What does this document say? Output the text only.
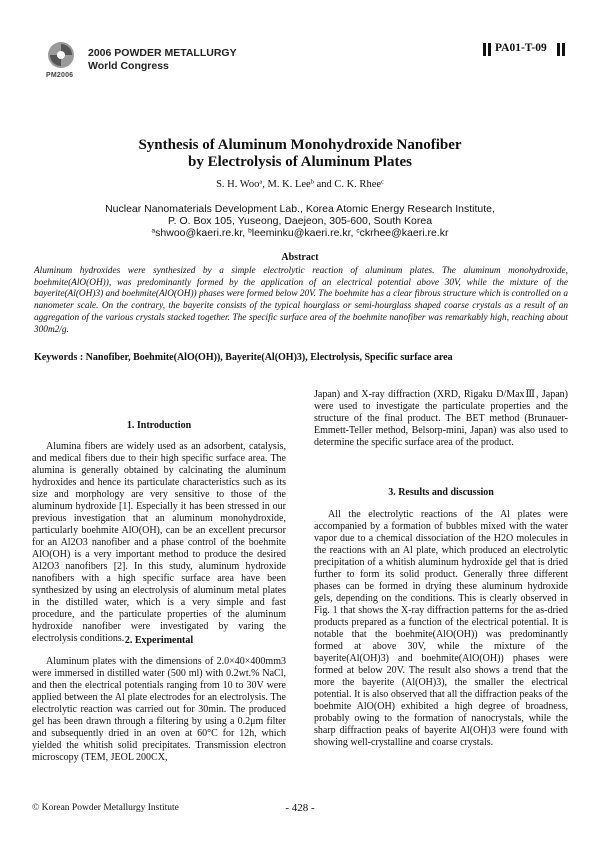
PM2006
2006 POWDER METALLURGY
World Congress
PA01-T-09
Synthesis of Aluminum Monohydroxide Nanofiber
by Electrolysis of Aluminum Plates
S. H. Woo$^a$, M. K. Lee$^b$ and C. K. Rhee$^c$
Nuclear Nanomaterials Development Lab., Korea Atomic Energy Research Institute,
P. O. Box 105, Yuseong, Daejeon, 305-600, South Korea
$^a$shwoo@kaeri.re.kr, $^b$leeminku@kaeri.re.kr, $^c$ckrhee@kaeri.re.kr
Abstract
Aluminum hydroxides were synthesized by a simple electrolytic reaction of aluminum plates. The aluminum monohydroxide, boehmite(AlO(OH)), was predominantly formed by the application of an electrical potential above 30V, while the mixture of the bayerite(Al(OH)3) and boehmite(AlO(OH)) phases were formed below 20V. The boehmite has a clear fibrous structure which is controlled on a nanometer scale. On the contrary, the bayerite consists of the typical hourglass or semi-hourglass shaped coarse crystals as a result of an aggregation of the various crystals stacked together. The specific surface area of the boehmite nanofiber was remarkably high, reaching about 300m2/g.
Keywords : Nanofiber, Boehmite(AlO(OH)), Bayerite(Al(OH)3), Electrolysis, Specific surface area
1. Introduction
Alumina fibers are widely used as an adsorbent, catalysis, and medical fibers due to their high specific surface area. The alumina is generally obtained by calcinating the aluminum hydroxides and hence its particulate characteristics such as its size and morphology are very sensitive to those of the aluminum hydroxide [1]. Especially it has been stressed in our previous investigation that an aluminum monohydroxide, particularly boehmite AlO(OH), can be an excellent precursor for an Al2O3 nanofiber and a phase control of the boehmite AlO(OH) is a very important method to produce the desired Al2O3 nanofibers [2]. In this study, aluminum hydroxide nanofibers with a high specific surface area have been synthesized by using an electrolysis of aluminum metal plates in the distilled water, which is a very simple and fast procedure, and the particulate properties of the aluminum hydroxide nanofiber were investigated by varing the electrolysis conditions. 2. Experimental
Aluminum plates with the dimensions of 2.0×40×400mm3 were immersed in distilled water (500 ml) with 0.2wt.% NaCl, and then the electrical potentials ranging from 10 to 30V were applied between the Al plate electrodes for an electrolysis. The electrolytic reaction was carried out for 30min. The produced gel has been drawn through a filtering by using a 0.2μm filter and subsequently dried in an oven at 60°C for 12h, which yielded the whitish solid precipitates. Transmission electron microscopy (TEM, JEOL 200CX,
Japan) and X-ray diffraction (XRD, Rigaku D/MaxⅢ, Japan) were used to investigate the particulate properties and the structure of the final product. The BET method (Brunauer-Emmett-Teller method, Belsorp-mini, Japan) was also used to determine the specific surface area of the product.
3. Results and discussion
All the electrolytic reactions of the Al plates were accompanied by a formation of bubbles mixed with the water vapor due to a chemical dissociation of the H2O molecules in the reactions with an Al plate, which produced an electrolytic precipitation of a whitish aluminum hydroxide gel that is dried further to form its solid product. Generally three different phases can be formed in drying these aluminum hydroxide gels, depending on the conditions. This is clearly observed in Fig. 1 that shows the X-ray diffraction patterns for the as-dried products prepared as a function of the electrical potential. It is notable that the boehmite(AlO(OH)) was predominantly formed at above 30V, while the mixture of the bayerite(Al(OH)3) and boehmite(AlO(OH)) phases were formed at below 20V. The result also shows a trend that the more the bayerite (Al(OH)3), the smaller the electrical potential. It is also observed that all the diffraction peaks of the boehmite AlO(OH) exhibited a high degree of broadness, probably owing to the formation of nanocrystals, while the sharp diffraction peaks of bayerite Al(OH)3 were found with showing well-crystalline and coarse crystals.
© Korean Powder Metallurgy Institute	- 428 -
